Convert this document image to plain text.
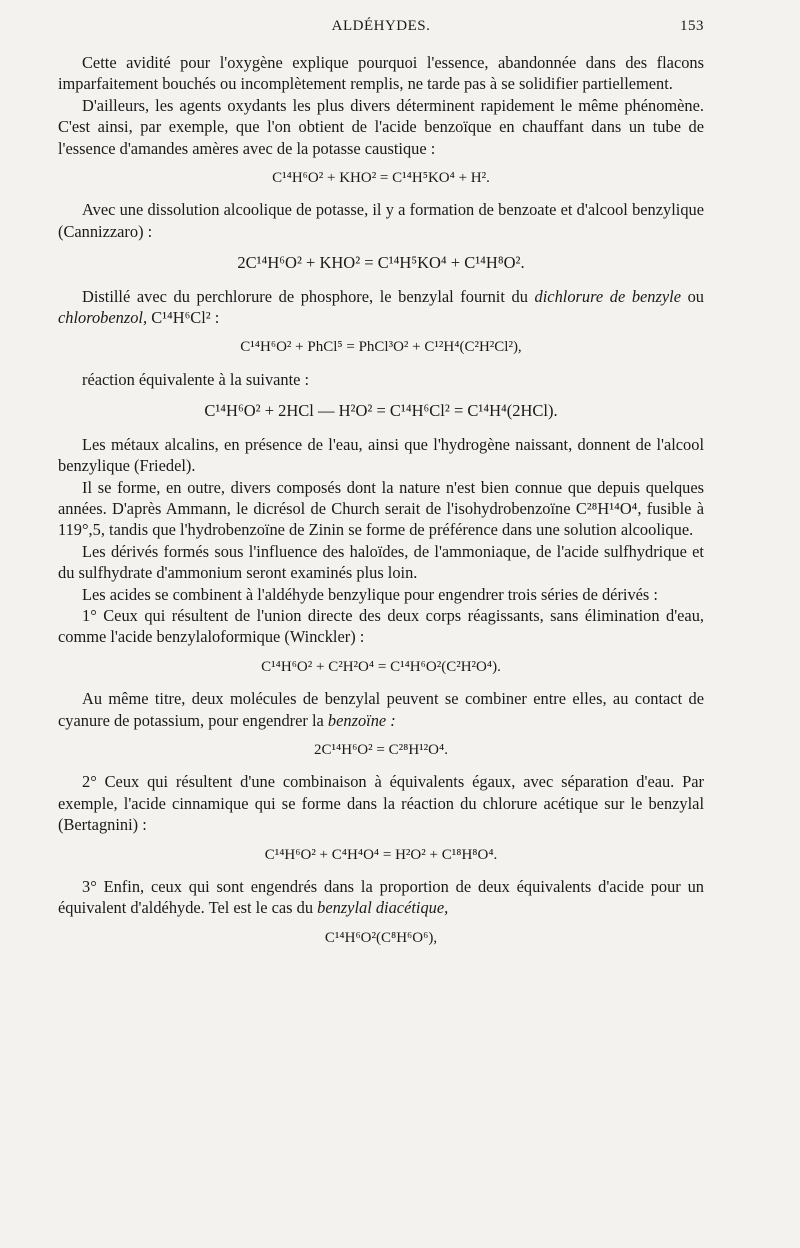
ALDÉHYDES.	153

Cette avidité pour l'oxygène explique pourquoi l'essence, abandonnée dans des flacons imparfaitement bouchés ou incomplètement remplis, ne tarde pas à se solidifier partiellement.

D'ailleurs, les agents oxydants les plus divers déterminent rapidement le même phénomène. C'est ainsi, par exemple, que l'on obtient de l'acide benzoïque en chauffant dans un tube de l'essence d'amandes amères avec de la potasse caustique :

C¹⁴H⁶O² + KHO² = C¹⁴H⁵KO⁴ + H².

Avec une dissolution alcoolique de potasse, il y a formation de benzoate et d'alcool benzylique (Cannizzaro) :

2C¹⁴H⁶O² + KHO² = C¹⁴H⁵KO⁴ + C¹⁴H⁸O².

Distillé avec du perchlorure de phosphore, le benzylal fournit du dichlorure de benzyle ou chlorobenzol, C¹⁴H⁶Cl² :

C¹⁴H⁶O² + PhCl⁵ = PhCl³O² + C¹²H⁴(C²H²Cl²),

réaction équivalente à la suivante :

C¹⁴H⁶O² + 2HCl — H²O² = C¹⁴H⁶Cl² = C¹⁴H⁴(2HCl).

Les métaux alcalins, en présence de l'eau, ainsi que l'hydrogène naissant, donnent de l'alcool benzylique (Friedel).

Il se forme, en outre, divers composés dont la nature n'est bien connue que depuis quelques années. D'après Ammann, le dicrésol de Church serait de l'isohydrobenzoïne C²⁸H¹⁴O⁴, fusible à 119°,5, tandis que l'hydrobenzoïne de Zinin se forme de préférence dans une solution alcoolique.

Les dérivés formés sous l'influence des haloïdes, de l'ammoniaque, de l'acide sulfhydrique et du sulfhydrate d'ammonium seront examinés plus loin.

Les acides se combinent à l'aldéhyde benzylique pour engendrer trois séries de dérivés :

1° Ceux qui résultent de l'union directe des deux corps réagissants, sans élimination d'eau, comme l'acide benzylaloformique (Winckler) :

C¹⁴H⁶O² + C²H²O⁴ = C¹⁴H⁶O²(C²H²O⁴).

Au même titre, deux molécules de benzylal peuvent se combiner entre elles, au contact de cyanure de potassium, pour engendrer la benzoïne :

2C¹⁴H⁶O² = C²⁸H¹²O⁴.

2° Ceux qui résultent d'une combinaison à équivalents égaux, avec séparation d'eau. Par exemple, l'acide cinnamique qui se forme dans la réaction du chlorure acétique sur le benzylal (Bertagnini) :

C¹⁴H⁶O² + C⁴H⁴O⁴ = H²O² + C¹⁸H⁸O⁴.

3° Enfin, ceux qui sont engendrés dans la proportion de deux équivalents d'acide pour un équivalent d'aldéhyde. Tel est le cas du benzylal diacétique,

C¹⁴H⁶O²(C⁸H⁶O⁶),
